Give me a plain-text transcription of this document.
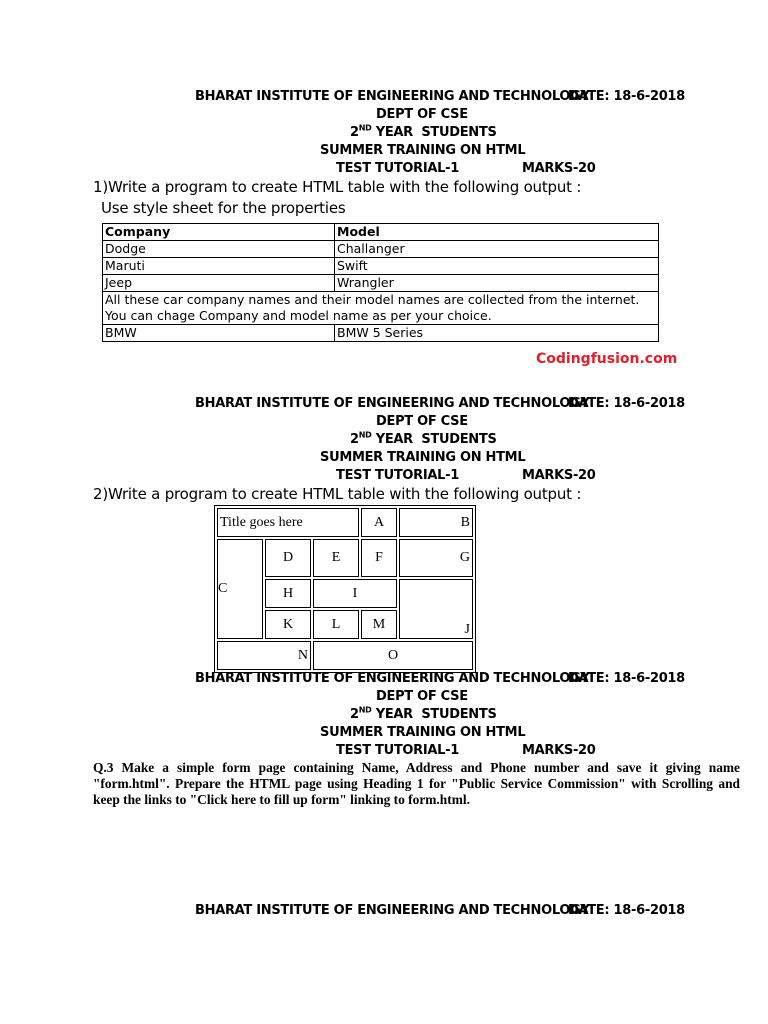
BHARAT INSTITUTE OF ENGINEERING AND TECHNOLOGY
DATE: 18-6-2018
DEPT OF CSE
2ND YEAR  STUDENTS
SUMMER TRAINING ON HTML
TEST TUTORIAL-1	MARKS-20
1)Write a program to create HTML table with the following output :
Use style sheet for the properties
Company	Model
Dodge	Challanger
Maruti	Swift
Jeep	Wrangler
All these car company names and their model names are collected from the internet. You can chage Company and model name as per your choice.	
BMW	BMW 5 Series
Codingfusion.com
BHARAT INSTITUTE OF ENGINEERING AND TECHNOLOGY
DATE: 18-6-2018
DEPT OF CSE
2ND YEAR  STUDENTS
SUMMER TRAINING ON HTML
TEST TUTORIAL-1	MARKS-20
2)Write a program to create HTML table with the following output :
Title goes here			A	B
C	D	E	F	G
	H	I		J
	K	L	M	
N		O		
BHARAT INSTITUTE OF ENGINEERING AND TECHNOLOGY
DATE: 18-6-2018
DEPT OF CSE
2ND YEAR  STUDENTS
SUMMER TRAINING ON HTML
TEST TUTORIAL-1	MARKS-20
Q.3 Make a simple form page containing Name, Address and Phone number and save it giving name "form.html". Prepare the HTML page using Heading 1 for "Public Service Commission" with Scrolling and keep the links to "Click here to fill up form" linking to form.html.
BHARAT INSTITUTE OF ENGINEERING AND TECHNOLOGY
DATE: 18-6-2018
